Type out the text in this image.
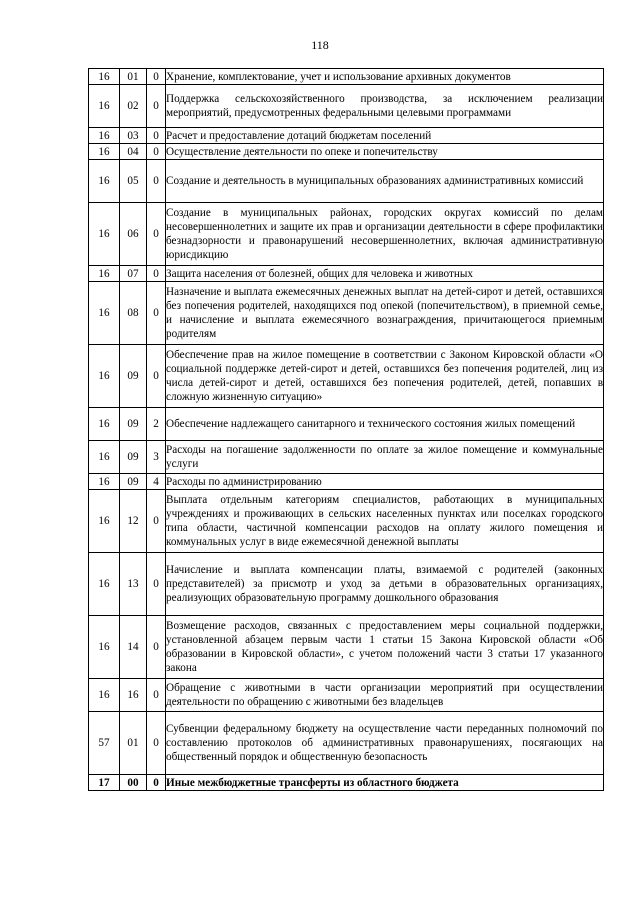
118
16	01	0	Хранение, комплектование, учет и использование архивных документов
16	02	0	Поддержка сельскохозяйственного производства, за исключением реализации мероприятий, предусмотренных федеральными целевыми программами
16	03	0	Расчет и предоставление дотаций бюджетам поселений
16	04	0	Осуществление деятельности по опеке и попечительству
16	05	0	Создание и деятельность в муниципальных образованиях административных комиссий
16	06	0	Создание в муниципальных районах, городских округах комиссий по делам несовершеннолетних и защите их прав и организации деятельности в сфере профилактики безнадзорности и правонарушений несовершеннолетних, включая административную юрисдикцию
16	07	0	Защита населения от болезней, общих для человека и животных
16	08	0	Назначение и выплата ежемесячных денежных выплат на детей-сирот и детей, оставшихся без попечения родителей, находящихся под опекой (попечительством), в приемной семье, и начисление и выплата ежемесячного вознаграждения, причитающегося приемным родителям
16	09	0	Обеспечение прав на жилое помещение в соответствии с Законом Кировской области «О социальной поддержке детей-сирот и детей, оставшихся без попечения родителей, лиц из числа детей-сирот и детей, оставшихся без попечения родителей, детей, попавших в сложную жизненную ситуацию»
16	09	2	Обеспечение надлежащего санитарного и технического состояния жилых помещений
16	09	3	Расходы на погашение задолженности по оплате за жилое помещение и коммунальные услуги
16	09	4	Расходы по администрированию
16	12	0	Выплата отдельным категориям специалистов, работающих в муниципальных учреждениях и проживающих в сельских населенных пунктах или поселках городского типа области, частичной компенсации расходов на оплату жилого помещения и коммунальных услуг в виде ежемесячной денежной выплаты
16	13	0	Начисление и выплата компенсации платы, взимаемой с родителей (законных представителей) за присмотр и уход за детьми в образовательных организациях, реализующих образовательную программу дошкольного образования
16	14	0	Возмещение расходов, связанных с предоставлением меры социальной поддержки, установленной абзацем первым части 1 статьи 15 Закона Кировской области «Об образовании в Кировской области», с учетом положений части 3 статьи 17 указанного закона
16	16	0	Обращение с животными в части организации мероприятий при осуществлении деятельности по обращению с животными без владельцев
57	01	0	Субвенции федеральному бюджету на осуществление части переданных полномочий по составлению протоколов об административных правонарушениях, посягающих на общественный порядок и общественную безопасность
17	00	0	Иные межбюджетные трансферты из областного бюджета
